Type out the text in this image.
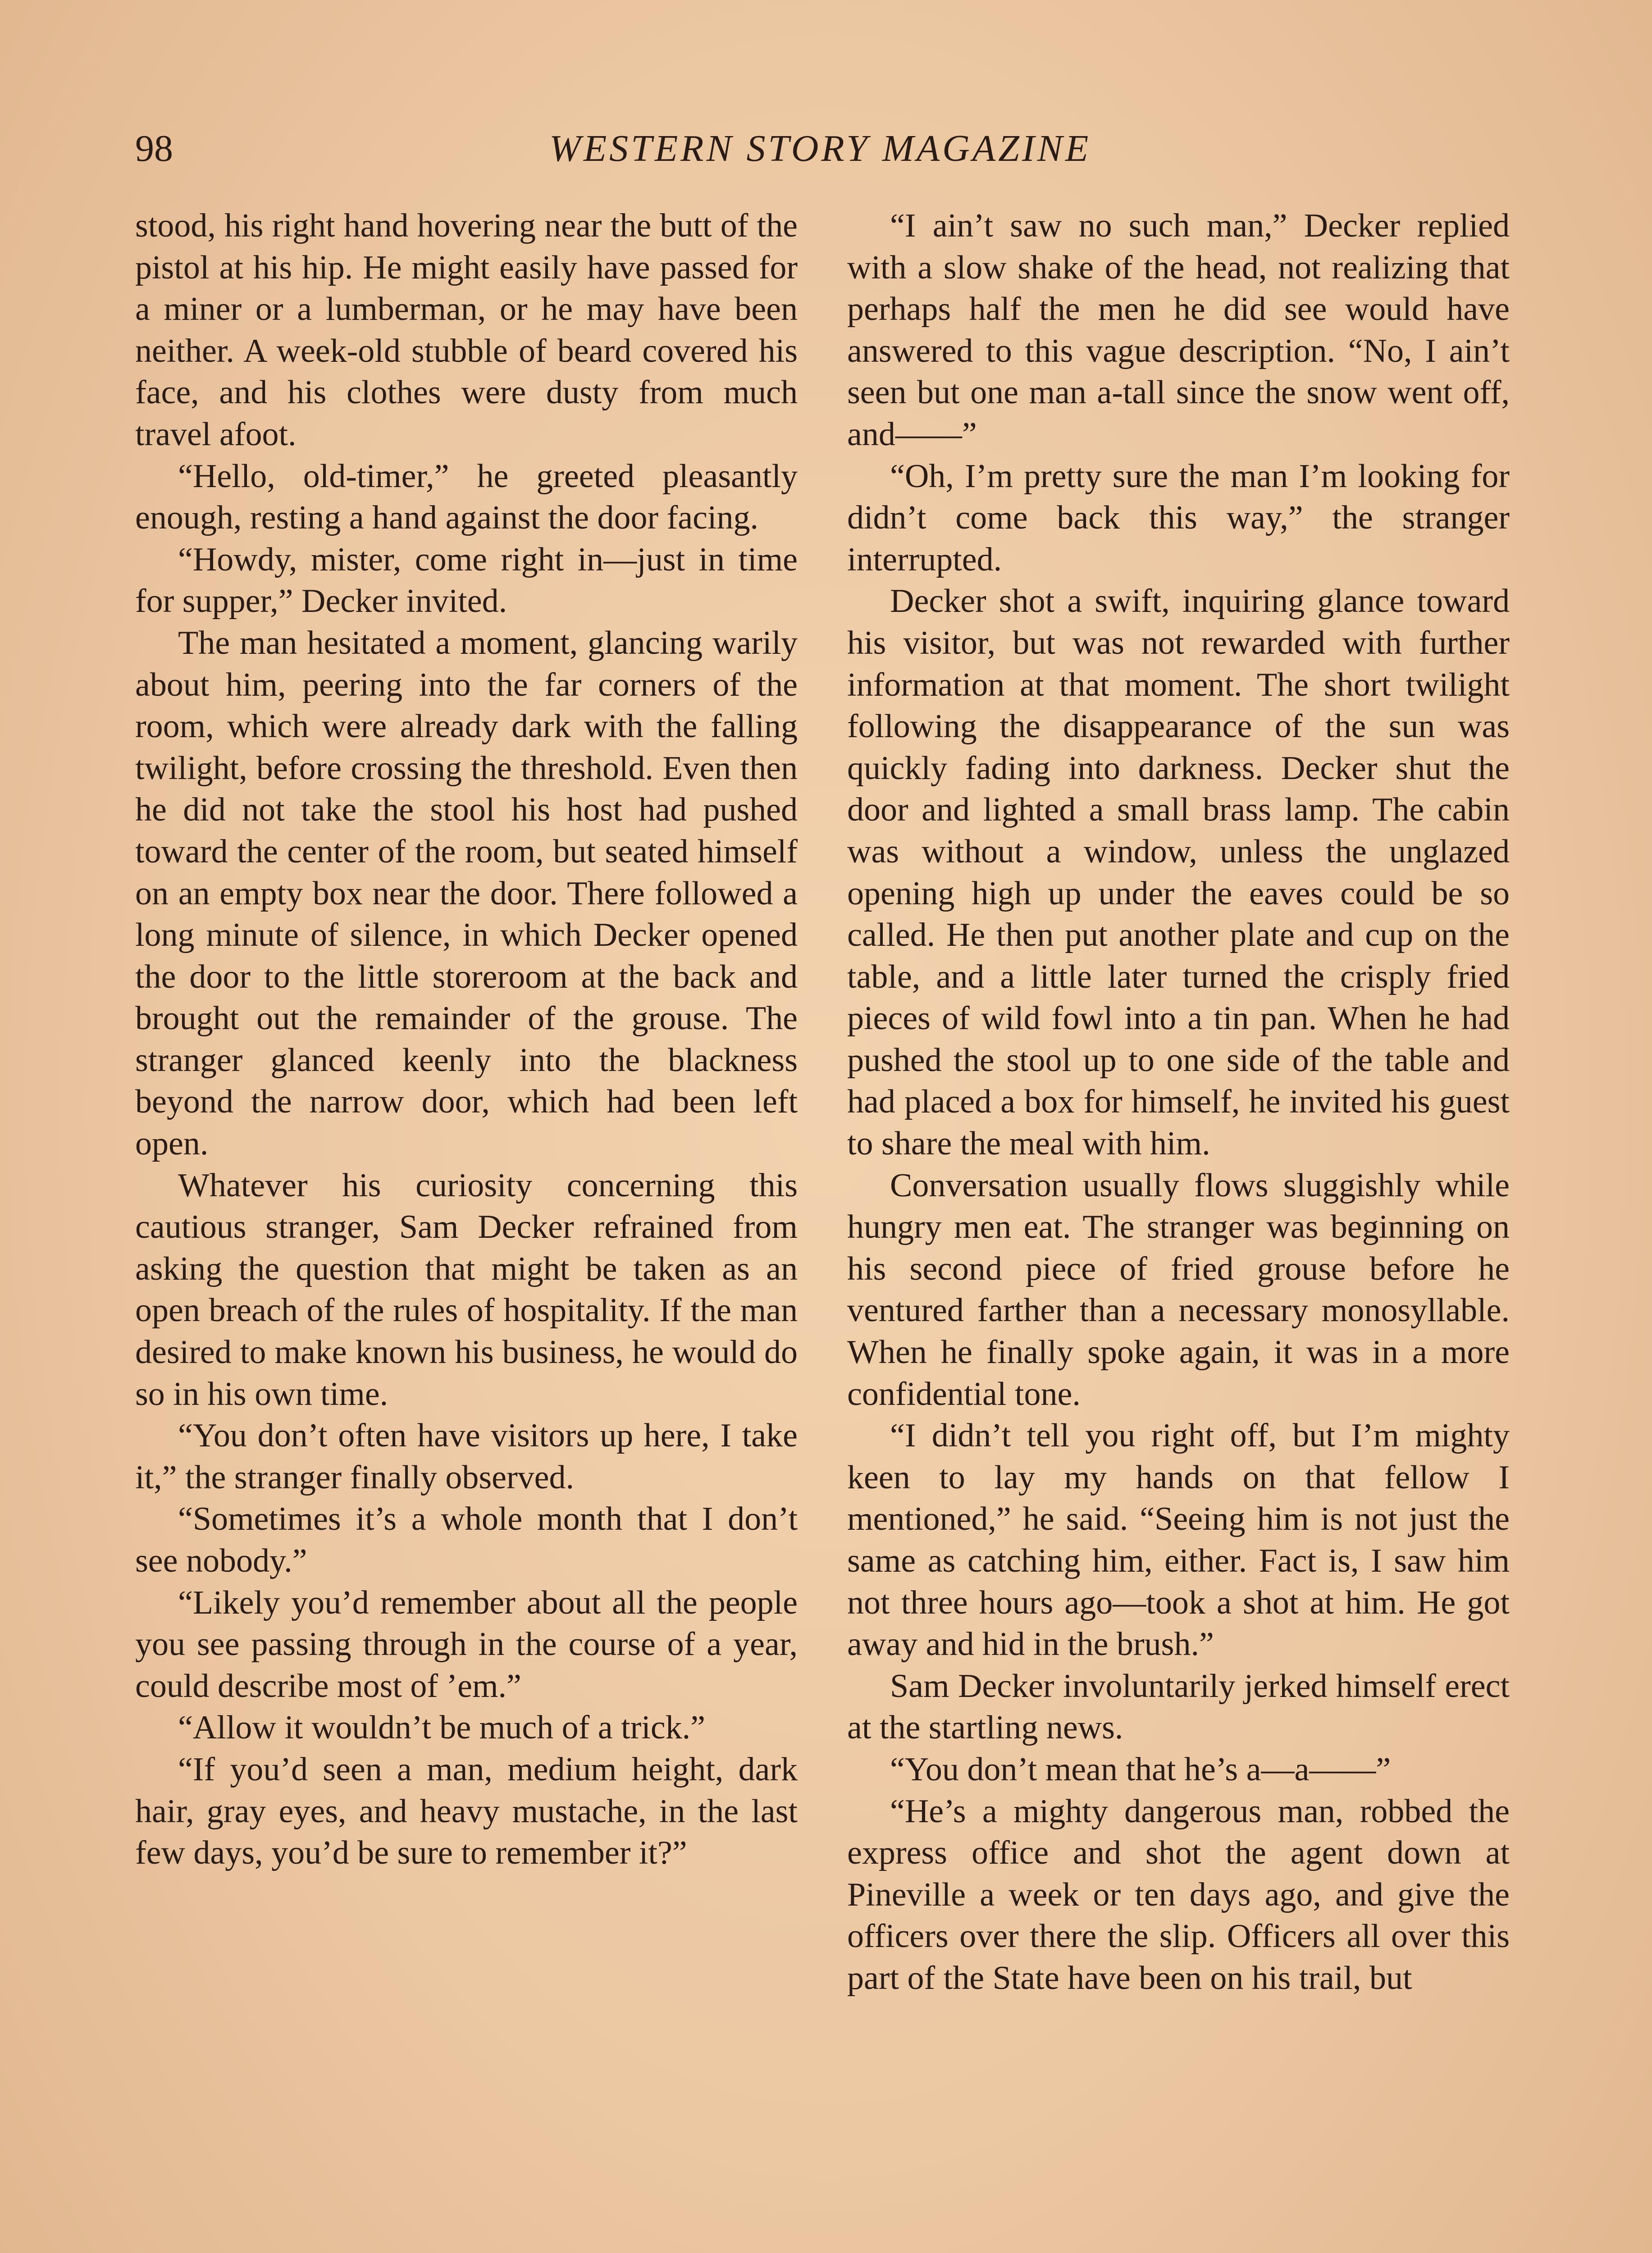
98	WESTERN STORY MAGAZINE

stood, his right hand hovering near the butt of the pistol at his hip. He might easily have passed for a miner or a lumberman, or he may have been neither. A week-old stubble of beard covered his face, and his clothes were dusty from much travel afoot.

“Hello, old-timer,” he greeted pleasantly enough, resting a hand against the door facing.

“Howdy, mister, come right in—just in time for supper,” Decker invited.

The man hesitated a moment, glancing warily about him, peering into the far corners of the room, which were already dark with the falling twilight, before crossing the threshold. Even then he did not take the stool his host had pushed toward the center of the room, but seated himself on an empty box near the door. There followed a long minute of silence, in which Decker opened the door to the little storeroom at the back and brought out the remainder of the grouse. The stranger glanced keenly into the blackness beyond the narrow door, which had been left open.

Whatever his curiosity concerning this cautious stranger, Sam Decker refrained from asking the question that might be taken as an open breach of the rules of hospitality. If the man desired to make known his business, he would do so in his own time.

“You don’t often have visitors up here, I take it,” the stranger finally observed.

“Sometimes it’s a whole month that I don’t see nobody.”

“Likely you’d remember about all the people you see passing through in the course of a year, could describe most of ’em.”

“Allow it wouldn’t be much of a trick.”

“If you’d seen a man, medium height, dark hair, gray eyes, and heavy mustache, in the last few days, you’d be sure to remember it?”

“I ain’t saw no such man,” Decker replied with a slow shake of the head, not realizing that perhaps half the men he did see would have answered to this vague description. “No, I ain’t seen but one man a-tall since the snow went off, and——”

“Oh, I’m pretty sure the man I’m looking for didn’t come back this way,” the stranger interrupted.

Decker shot a swift, inquiring glance toward his visitor, but was not rewarded with further information at that moment. The short twilight following the disappearance of the sun was quickly fading into darkness. Decker shut the door and lighted a small brass lamp. The cabin was without a window, unless the unglazed opening high up under the eaves could be so called. He then put another plate and cup on the table, and a little later turned the crisply fried pieces of wild fowl into a tin pan. When he had pushed the stool up to one side of the table and had placed a box for himself, he invited his guest to share the meal with him.

Conversation usually flows sluggishly while hungry men eat. The stranger was beginning on his second piece of fried grouse before he ventured farther than a necessary monosyllable. When he finally spoke again, it was in a more confidential tone.

“I didn’t tell you right off, but I’m mighty keen to lay my hands on that fellow I mentioned,” he said. “Seeing him is not just the same as catching him, either. Fact is, I saw him not three hours ago—took a shot at him. He got away and hid in the brush.”

Sam Decker involuntarily jerked himself erect at the startling news.

“You don’t mean that he’s a—a——”

“He’s a mighty dangerous man, robbed the express office and shot the agent down at Pineville a week or ten days ago, and give the officers over there the slip. Officers all over this part of the State have been on his trail, but
